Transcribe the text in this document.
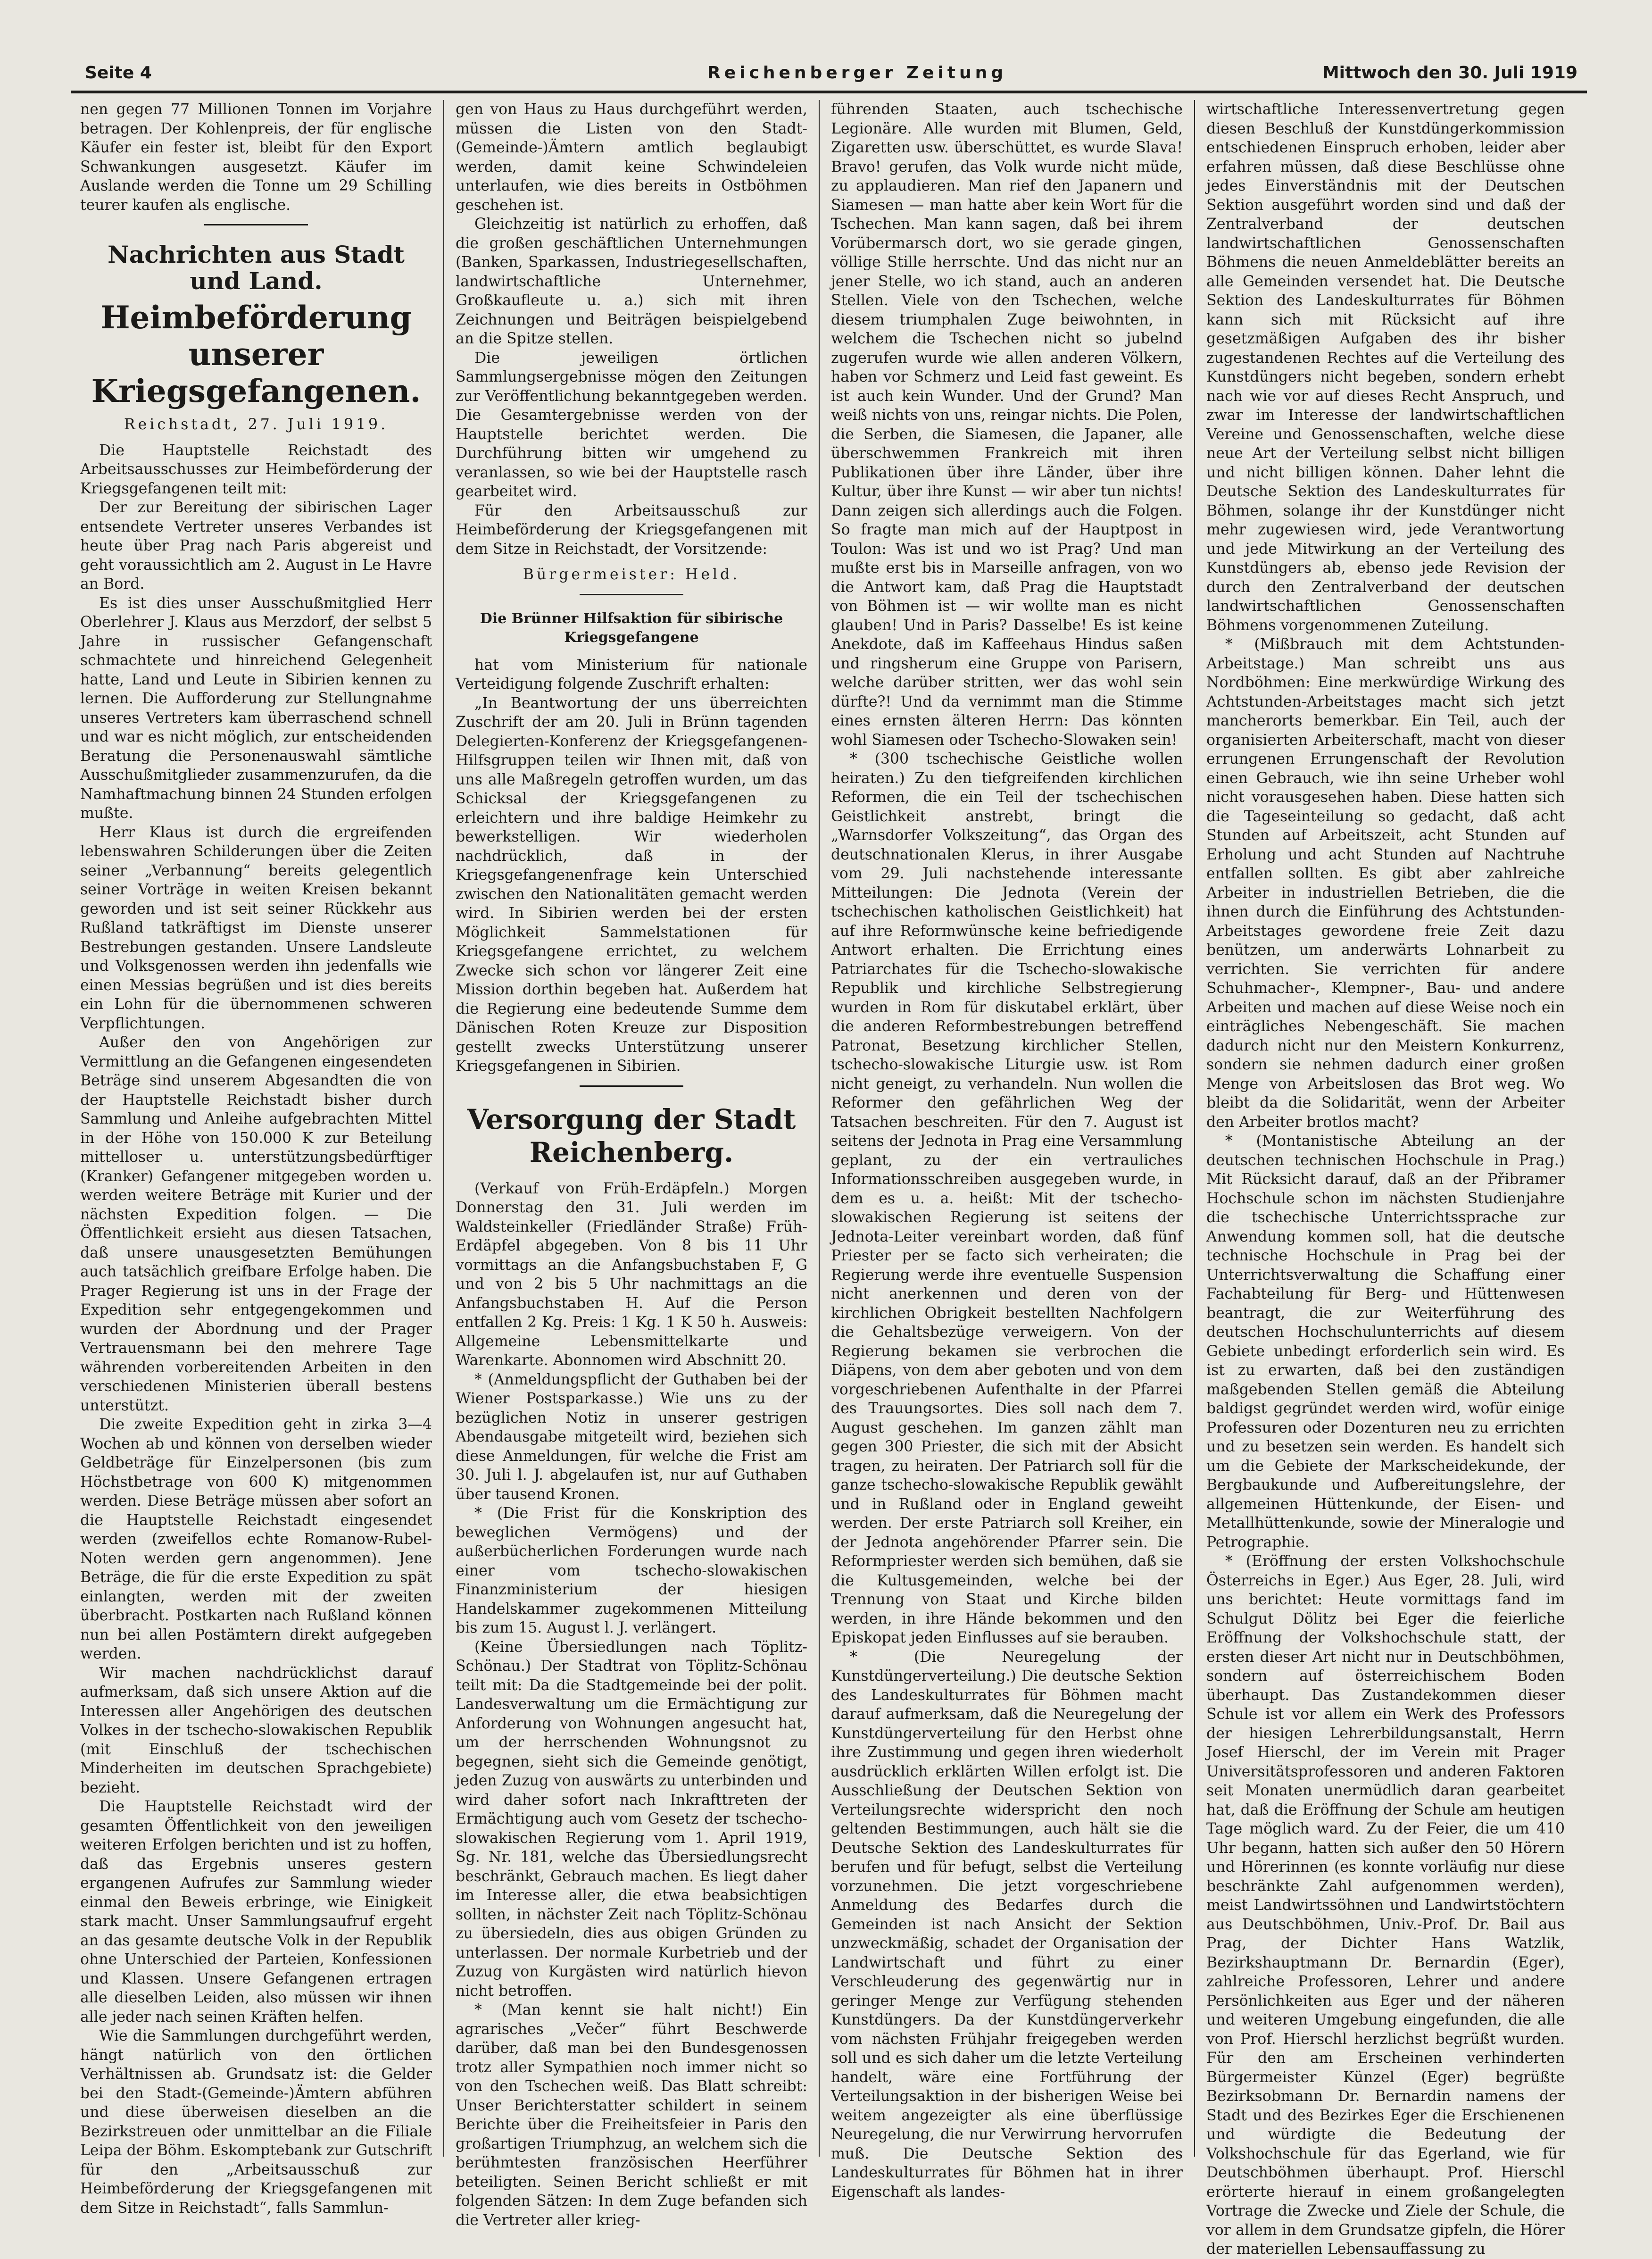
Seite 4	Reichenberger Zeitung	Mittwoch den 30. Juli 1919

nen gegen 77 Millionen Tonnen im Vorjahre betragen. Der Kohlenpreis, der für englische Käufer ein fester ist, bleibt für den Export Schwankungen ausgesetzt. Käufer im Auslande werden die Tonne um 29 Schilling teurer kaufen als englische.

Nachrichten aus Stadt und Land.
Heimbeförderung unserer Kriegsgefangenen.

Reichstadt, 27. Juli 1919.

Die Hauptstelle Reichstadt des Arbeitsausschusses zur Heimbeförderung der Kriegsgefangenen teilt mit:

Der zur Bereitung der sibirischen Lager entsendete Vertreter unseres Verbandes ist heute über Prag nach Paris abgereist und geht voraussichtlich am 2. August in Le Havre an Bord.

Es ist dies unser Ausschußmitglied Herr Oberlehrer J. Klaus aus Merzdorf, der selbst 5 Jahre in russischer Gefangenschaft schmachtete und hinreichend Gelegenheit hatte, Land und Leute in Sibirien kennen zu lernen. Die Aufforderung zur Stellungnahme unseres Vertreters kam überraschend schnell und war es nicht möglich, zur entscheidenden Beratung die Personenauswahl sämtliche Ausschußmitglieder zusammenzurufen, da die Namhaftmachung binnen 24 Stunden erfolgen mußte.

Herr Klaus ist durch die ergreifenden lebenswahren Schilderungen über die Zeiten seiner „Verbannung“ bereits gelegentlich seiner Vorträge in weiten Kreisen bekannt geworden und ist seit seiner Rückkehr aus Rußland tatkräftigst im Dienste unserer Bestrebungen gestanden. Unsere Landsleute und Volksgenossen werden ihn jedenfalls wie einen Messias begrüßen und ist dies bereits ein Lohn für die übernommenen schweren Verpflichtungen.

Außer den von Angehörigen zur Vermittlung an die Gefangenen eingesendeten Beträge sind unserem Abgesandten die von der Hauptstelle Reichstadt bisher durch Sammlung und Anleihe aufgebrachten Mittel in der Höhe von 150.000 K zur Beteilung mittelloser u. unterstützungsbedürftiger (Kranker) Gefangener mitgegeben worden u. werden weitere Beträge mit Kurier und der nächsten Expedition folgen. — Die Öffentlichkeit ersieht aus diesen Tatsachen, daß unsere unausgesetzten Bemühungen auch tatsächlich greifbare Erfolge haben. Die Prager Regierung ist uns in der Frage der Expedition sehr entgegengekommen und wurden der Abordnung und der Prager Vertrauensmann bei den mehrere Tage währenden vorbereitenden Arbeiten in den verschiedenen Ministerien überall bestens unterstützt.

Die zweite Expedition geht in zirka 3—4 Wochen ab und können von derselben wieder Geldbeträge für Einzelpersonen (bis zum Höchstbetrage von 600 K) mitgenommen werden. Diese Beträge müssen aber sofort an die Hauptstelle Reichstadt eingesendet werden (zweifellos echte Romanow-Rubel-Noten werden gern angenommen). Jene Beträge, die für die erste Expedition zu spät einlangten, werden mit der zweiten überbracht. Postkarten nach Rußland können nun bei allen Postämtern direkt aufgegeben werden.

Wir machen nachdrücklichst darauf aufmerksam, daß sich unsere Aktion auf die Interessen aller Angehörigen des deutschen Volkes in der tschecho-slowakischen Republik (mit Einschluß der tschechischen Minderheiten im deutschen Sprachgebiete) bezieht.

Die Hauptstelle Reichstadt wird der gesamten Öffentlichkeit von den jeweiligen weiteren Erfolgen berichten und ist zu hoffen, daß das Ergebnis unseres gestern ergangenen Aufrufes zur Sammlung wieder einmal den Beweis erbringe, wie Einigkeit stark macht. Unser Sammlungsaufruf ergeht an das gesamte deutsche Volk in der Republik ohne Unterschied der Parteien, Konfessionen und Klassen. Unsere Gefangenen ertragen alle dieselben Leiden, also müssen wir ihnen alle jeder nach seinen Kräften helfen.

Wie die Sammlungen durchgeführt werden, hängt natürlich von den örtlichen Verhältnissen ab. Grundsatz ist: die Gelder bei den Stadt-(Gemeinde-)Ämtern abführen und diese überweisen dieselben an die Bezirkstreuen oder unmittelbar an die Filiale Leipa der Böhm. Eskomptebank zur Gutschrift für den „Arbeitsausschuß zur Heimbeförderung der Kriegsgefangenen mit dem Sitze in Reichstadt“, falls Sammlun-

gen von Haus zu Haus durchgeführt werden, müssen die Listen von den Stadt-(Gemeinde-)Ämtern amtlich beglaubigt werden, damit keine Schwindeleien unterlaufen, wie dies bereits in Ostböhmen geschehen ist.

Gleichzeitig ist natürlich zu erhoffen, daß die großen geschäftlichen Unternehmungen (Banken, Sparkassen, Industriegesellschaften, landwirtschaftliche Unternehmer, Großkaufleute u. a.) sich mit ihren Zeichnungen und Beiträgen beispielgebend an die Spitze stellen.

Die jeweiligen örtlichen Sammlungsergebnisse mögen den Zeitungen zur Veröffentlichung bekanntgegeben werden. Die Gesamtergebnisse werden von der Hauptstelle berichtet werden. Die Durchführung bitten wir umgehend zu veranlassen, so wie bei der Hauptstelle rasch gearbeitet wird.

Für den Arbeitsausschuß zur Heimbeförderung der Kriegsgefangenen mit dem Sitze in Reichstadt, der Vorsitzende:

Bürgermeister: Held.

Die Brünner Hilfsaktion für sibirische Kriegsgefangene

hat vom Ministerium für nationale Verteidigung folgende Zuschrift erhalten:

„In Beantwortung der uns überreichten Zuschrift der am 20. Juli in Brünn tagenden Delegierten-Konferenz der Kriegsgefangenen-Hilfsgruppen teilen wir Ihnen mit, daß von uns alle Maßregeln getroffen wurden, um das Schicksal der Kriegsgefangenen zu erleichtern und ihre baldige Heimkehr zu bewerkstelligen. Wir wiederholen nachdrücklich, daß in der Kriegsgefangenenfrage kein Unterschied zwischen den Nationalitäten gemacht werden wird. In Sibirien werden bei der ersten Möglichkeit Sammelstationen für Kriegsgefangene errichtet, zu welchem Zwecke sich schon vor längerer Zeit eine Mission dorthin begeben hat. Außerdem hat die Regierung eine bedeutende Summe dem Dänischen Roten Kreuze zur Disposition gestellt zwecks Unterstützung unserer Kriegsgefangenen in Sibirien.

Versorgung der Stadt Reichenberg.

(Verkauf von Früh-Erdäpfeln.) Morgen Donnerstag den 31. Juli werden im Waldsteinkeller (Friedländer Straße) Früh-Erdäpfel abgegeben. Von 8 bis 11 Uhr vormittags an die Anfangsbuchstaben F, G und von 2 bis 5 Uhr nachmittags an die Anfangsbuchstaben H. Auf die Person entfallen 2 Kg. Preis: 1 Kg. 1 K 50 h. Ausweis: Allgemeine Lebensmittelkarte und Warenkarte. Abonnomen wird Abschnitt 20.

* (Anmeldungspflicht der Guthaben bei der Wiener Postsparkasse.) Wie uns zu der bezüglichen Notiz in unserer gestrigen Abendausgabe mitgeteilt wird, beziehen sich diese Anmeldungen, für welche die Frist am 30. Juli l. J. abgelaufen ist, nur auf Guthaben über tausend Kronen.

* (Die Frist für die Konskription des beweglichen Vermögens) und der außerbücherlichen Forderungen wurde nach einer vom tschecho-slowakischen Finanzministerium der hiesigen Handelskammer zugekommenen Mitteilung bis zum 15. August l. J. verlängert.

(Keine Übersiedlungen nach Töplitz-Schönau.) Der Stadtrat von Töplitz-Schönau teilt mit: Da die Stadtgemeinde bei der polit. Landesverwaltung um die Ermächtigung zur Anforderung von Wohnungen angesucht hat, um der herrschenden Wohnungsnot zu begegnen, sieht sich die Gemeinde genötigt, jeden Zuzug von auswärts zu unterbinden und wird daher sofort nach Inkrafttreten der Ermächtigung auch vom Gesetz der tschecho-slowakischen Regierung vom 1. April 1919, Sg. Nr. 181, welche das Übersiedlungsrecht beschränkt, Gebrauch machen. Es liegt daher im Interesse aller, die etwa beabsichtigen sollten, in nächster Zeit nach Töplitz-Schönau zu übersiedeln, dies aus obigen Gründen zu unterlassen. Der normale Kurbetrieb und der Zuzug von Kurgästen wird natürlich hievon nicht betroffen.

* (Man kennt sie halt nicht!) Ein agrarisches „Večer“ führt Beschwerde darüber, daß man bei den Bundesgenossen trotz aller Sympathien noch immer nicht so von den Tschechen weiß. Das Blatt schreibt: Unser Berichterstatter schildert in seinem Berichte über die Freiheitsfeier in Paris den großartigen Triumphzug, an welchem sich die berühmtesten französischen Heerführer beteiligten. Seinen Bericht schließt er mit folgenden Sätzen: In dem Zuge befanden sich die Vertreter aller krieg-

führenden Staaten, auch tschechische Legionäre. Alle wurden mit Blumen, Geld, Zigaretten usw. überschüttet, es wurde Slava! Bravo! gerufen, das Volk wurde nicht müde, zu applaudieren. Man rief den Japanern und Siamesen — man hatte aber kein Wort für die Tschechen. Man kann sagen, daß bei ihrem Vorübermarsch dort, wo sie gerade gingen, völlige Stille herrschte. Und das nicht nur an jener Stelle, wo ich stand, auch an anderen Stellen. Viele von den Tschechen, welche diesem triumphalen Zuge beiwohnten, in welchem die Tschechen nicht so jubelnd zugerufen wurde wie allen anderen Völkern, haben vor Schmerz und Leid fast geweint. Es ist auch kein Wunder. Und der Grund? Man weiß nichts von uns, reingar nichts. Die Polen, die Serben, die Siamesen, die Japaner, alle überschwemmen Frankreich mit ihren Publikationen über ihre Länder, über ihre Kultur, über ihre Kunst — wir aber tun nichts! Dann zeigen sich allerdings auch die Folgen. So fragte man mich auf der Hauptpost in Toulon: Was ist und wo ist Prag? Und man mußte erst bis in Marseille anfragen, von wo die Antwort kam, daß Prag die Hauptstadt von Böhmen ist — wir wollte man es nicht glauben! Und in Paris? Dasselbe! Es ist keine Anekdote, daß im Kaffeehaus Hindus saßen und ringsherum eine Gruppe von Parisern, welche darüber stritten, wer das wohl sein dürfte?! Und da vernimmt man die Stimme eines ernsten älteren Herrn: Das könnten wohl Siamesen oder Tschecho-Slowaken sein!

* (300 tschechische Geistliche wollen heiraten.) Zu den tiefgreifenden kirchlichen Reformen, die ein Teil der tschechischen Geistlichkeit anstrebt, bringt die „Warnsdorfer Volkszeitung“, das Organ des deutschnationalen Klerus, in ihrer Ausgabe vom 29. Juli nachstehende interessante Mitteilungen: Die Jednota (Verein der tschechischen katholischen Geistlichkeit) hat auf ihre Reformwünsche keine befriedigende Antwort erhalten. Die Errichtung eines Patriarchates für die Tschecho-slowakische Republik und kirchliche Selbstregierung wurden in Rom für diskutabel erklärt, über die anderen Reformbestrebungen betreffend Patronat, Besetzung kirchlicher Stellen, tschecho-slowakische Liturgie usw. ist Rom nicht geneigt, zu verhandeln. Nun wollen die Reformer den gefährlichen Weg der Tatsachen beschreiten. Für den 7. August ist seitens der Jednota in Prag eine Versammlung geplant, zu der ein vertrauliches Informationsschreiben ausgegeben wurde, in dem es u. a. heißt: Mit der tschecho-slowakischen Regierung ist seitens der Jednota-Leiter vereinbart worden, daß fünf Priester per se facto sich verheiraten; die Regierung werde ihre eventuelle Suspension nicht anerkennen und deren von der kirchlichen Obrigkeit bestellten Nachfolgern die Gehaltsbezüge verweigern. Von der Regierung bekamen sie verbrochen die Diäpens, von dem aber geboten und von dem vorgeschriebenen Aufenthalte in der Pfarrei des Trauungsortes. Dies soll nach dem 7. August geschehen. Im ganzen zählt man gegen 300 Priester, die sich mit der Absicht tragen, zu heiraten. Der Patriarch soll für die ganze tschecho-slowakische Republik gewählt und in Rußland oder in England geweiht werden. Der erste Patriarch soll Kreiher, ein der Jednota angehörender Pfarrer sein. Die Reformpriester werden sich bemühen, daß sie die Kultusgemeinden, welche bei der Trennung von Staat und Kirche bilden werden, in ihre Hände bekommen und den Episkopat jeden Einflusses auf sie berauben.

* (Die Neuregelung der Kunstdüngerverteilung.) Die deutsche Sektion des Landeskulturrates für Böhmen macht darauf aufmerksam, daß die Neuregelung der Kunstdüngerverteilung für den Herbst ohne ihre Zustimmung und gegen ihren wiederholt ausdrücklich erklärten Willen erfolgt ist. Die Ausschließung der Deutschen Sektion von Verteilungsrechte widerspricht den noch geltenden Bestimmungen, auch hält sie die Deutsche Sektion des Landeskulturrates für berufen und für befugt, selbst die Verteilung vorzunehmen. Die jetzt vorgeschriebene Anmeldung des Bedarfes durch die Gemeinden ist nach Ansicht der Sektion unzweckmäßig, schadet der Organisation der Landwirtschaft und führt zu einer Verschleuderung des gegenwärtig nur in geringer Menge zur Verfügung stehenden Kunstdüngers. Da der Kunstdüngerverkehr vom nächsten Frühjahr freigegeben werden soll und es sich daher um die letzte Verteilung handelt, wäre eine Fortführung der Verteilungsaktion in der bisherigen Weise bei weitem angezeigter als eine überflüssige Neuregelung, die nur Verwirrung hervorrufen muß. Die Deutsche Sektion des Landeskulturrates für Böhmen hat in ihrer Eigenschaft als landes-

wirtschaftliche Interessenvertretung gegen diesen Beschluß der Kunstdüngerkommission entschiedenen Einspruch erhoben, leider aber erfahren müssen, daß diese Beschlüsse ohne jedes Einverständnis mit der Deutschen Sektion ausgeführt worden sind und daß der Zentralverband der deutschen landwirtschaftlichen Genossenschaften Böhmens die neuen Anmeldeblätter bereits an alle Gemeinden versendet hat. Die Deutsche Sektion des Landeskulturrates für Böhmen kann sich mit Rücksicht auf ihre gesetzmäßigen Aufgaben des ihr bisher zugestandenen Rechtes auf die Verteilung des Kunstdüngers nicht begeben, sondern erhebt nach wie vor auf dieses Recht Anspruch, und zwar im Interesse der landwirtschaftlichen Vereine und Genossenschaften, welche diese neue Art der Verteilung selbst nicht billigen und nicht billigen können. Daher lehnt die Deutsche Sektion des Landeskulturrates für Böhmen, solange ihr der Kunstdünger nicht mehr zugewiesen wird, jede Verantwortung und jede Mitwirkung an der Verteilung des Kunstdüngers ab, ebenso jede Revision der durch den Zentralverband der deutschen landwirtschaftlichen Genossenschaften Böhmens vorgenommenen Zuteilung.

* (Mißbrauch mit dem Achtstunden-Arbeitstage.) Man schreibt uns aus Nordböhmen: Eine merkwürdige Wirkung des Achtstunden-Arbeitstages macht sich jetzt mancherorts bemerkbar. Ein Teil, auch der organisierten Arbeiterschaft, macht von dieser errungenen Errungenschaft der Revolution einen Gebrauch, wie ihn seine Urheber wohl nicht vorausgesehen haben. Diese hatten sich die Tageseinteilung so gedacht, daß acht Stunden auf Arbeitszeit, acht Stunden auf Erholung und acht Stunden auf Nachtruhe entfallen sollten. Es gibt aber zahlreiche Arbeiter in industriellen Betrieben, die die ihnen durch die Einführung des Achtstunden-Arbeitstages gewordene freie Zeit dazu benützen, um anderwärts Lohnarbeit zu verrichten. Sie verrichten für andere Schuhmacher-, Klempner-, Bau- und andere Arbeiten und machen auf diese Weise noch ein einträgliches Nebengeschäft. Sie machen dadurch nicht nur den Meistern Konkurrenz, sondern sie nehmen dadurch einer großen Menge von Arbeitslosen das Brot weg. Wo bleibt da die Solidarität, wenn der Arbeiter den Arbeiter brotlos macht?

* (Montanistische Abteilung an der deutschen technischen Hochschule in Prag.) Mit Rücksicht darauf, daß an der Přibramer Hochschule schon im nächsten Studienjahre die tschechische Unterrichtssprache zur Anwendung kommen soll, hat die deutsche technische Hochschule in Prag bei der Unterrichtsverwaltung die Schaffung einer Fachabteilung für Berg- und Hüttenwesen beantragt, die zur Weiterführung des deutschen Hochschulunterrichts auf diesem Gebiete unbedingt erforderlich sein wird. Es ist zu erwarten, daß bei den zuständigen maßgebenden Stellen gemäß die Abteilung baldigst gegründet werden wird, wofür einige Professuren oder Dozenturen neu zu errichten und zu besetzen sein werden. Es handelt sich um die Gebiete der Markscheidekunde, der Bergbaukunde und Aufbereitungslehre, der allgemeinen Hüttenkunde, der Eisen- und Metallhüttenkunde, sowie der Mineralogie und Petrographie.

* (Eröffnung der ersten Volkshochschule Österreichs in Eger.) Aus Eger, 28. Juli, wird uns berichtet: Heute vormittags fand im Schulgut Dölitz bei Eger die feierliche Eröffnung der Volkshochschule statt, der ersten dieser Art nicht nur in Deutschböhmen, sondern auf österreichischem Boden überhaupt. Das Zustandekommen dieser Schule ist vor allem ein Werk des Professors der hiesigen Lehrerbildungsanstalt, Herrn Josef Hierschl, der im Verein mit Prager Universitätsprofessoren und anderen Faktoren seit Monaten unermüdlich daran gearbeitet hat, daß die Eröffnung der Schule am heutigen Tage möglich ward. Zu der Feier, die um 410 Uhr begann, hatten sich außer den 50 Hörern und Hörerinnen (es konnte vorläufig nur diese beschränkte Zahl aufgenommen werden), meist Landwirtssöhnen und Landwirtstöchtern aus Deutschböhmen, Univ.-Prof. Dr. Bail aus Prag, der Dichter Hans Watzlik, Bezirkshauptmann Dr. Bernardin (Eger), zahlreiche Professoren, Lehrer und andere Persönlichkeiten aus Eger und der näheren und weiteren Umgebung eingefunden, die alle von Prof. Hierschl herzlichst begrüßt wurden. Für den am Erscheinen verhinderten Bürgermeister Künzel (Eger) begrüßte Bezirksobmann Dr. Bernardin namens der Stadt und des Bezirkes Eger die Erschienenen und würdigte die Bedeutung der Volkshochschule für das Egerland, wie für Deutschböhmen überhaupt. Prof. Hierschl erörterte hierauf in einem großangelegten Vortrage die Zwecke und Ziele der Schule, die vor allem in dem Grundsatze gipfeln, die Hörer der materiellen Lebensauffassung zu
